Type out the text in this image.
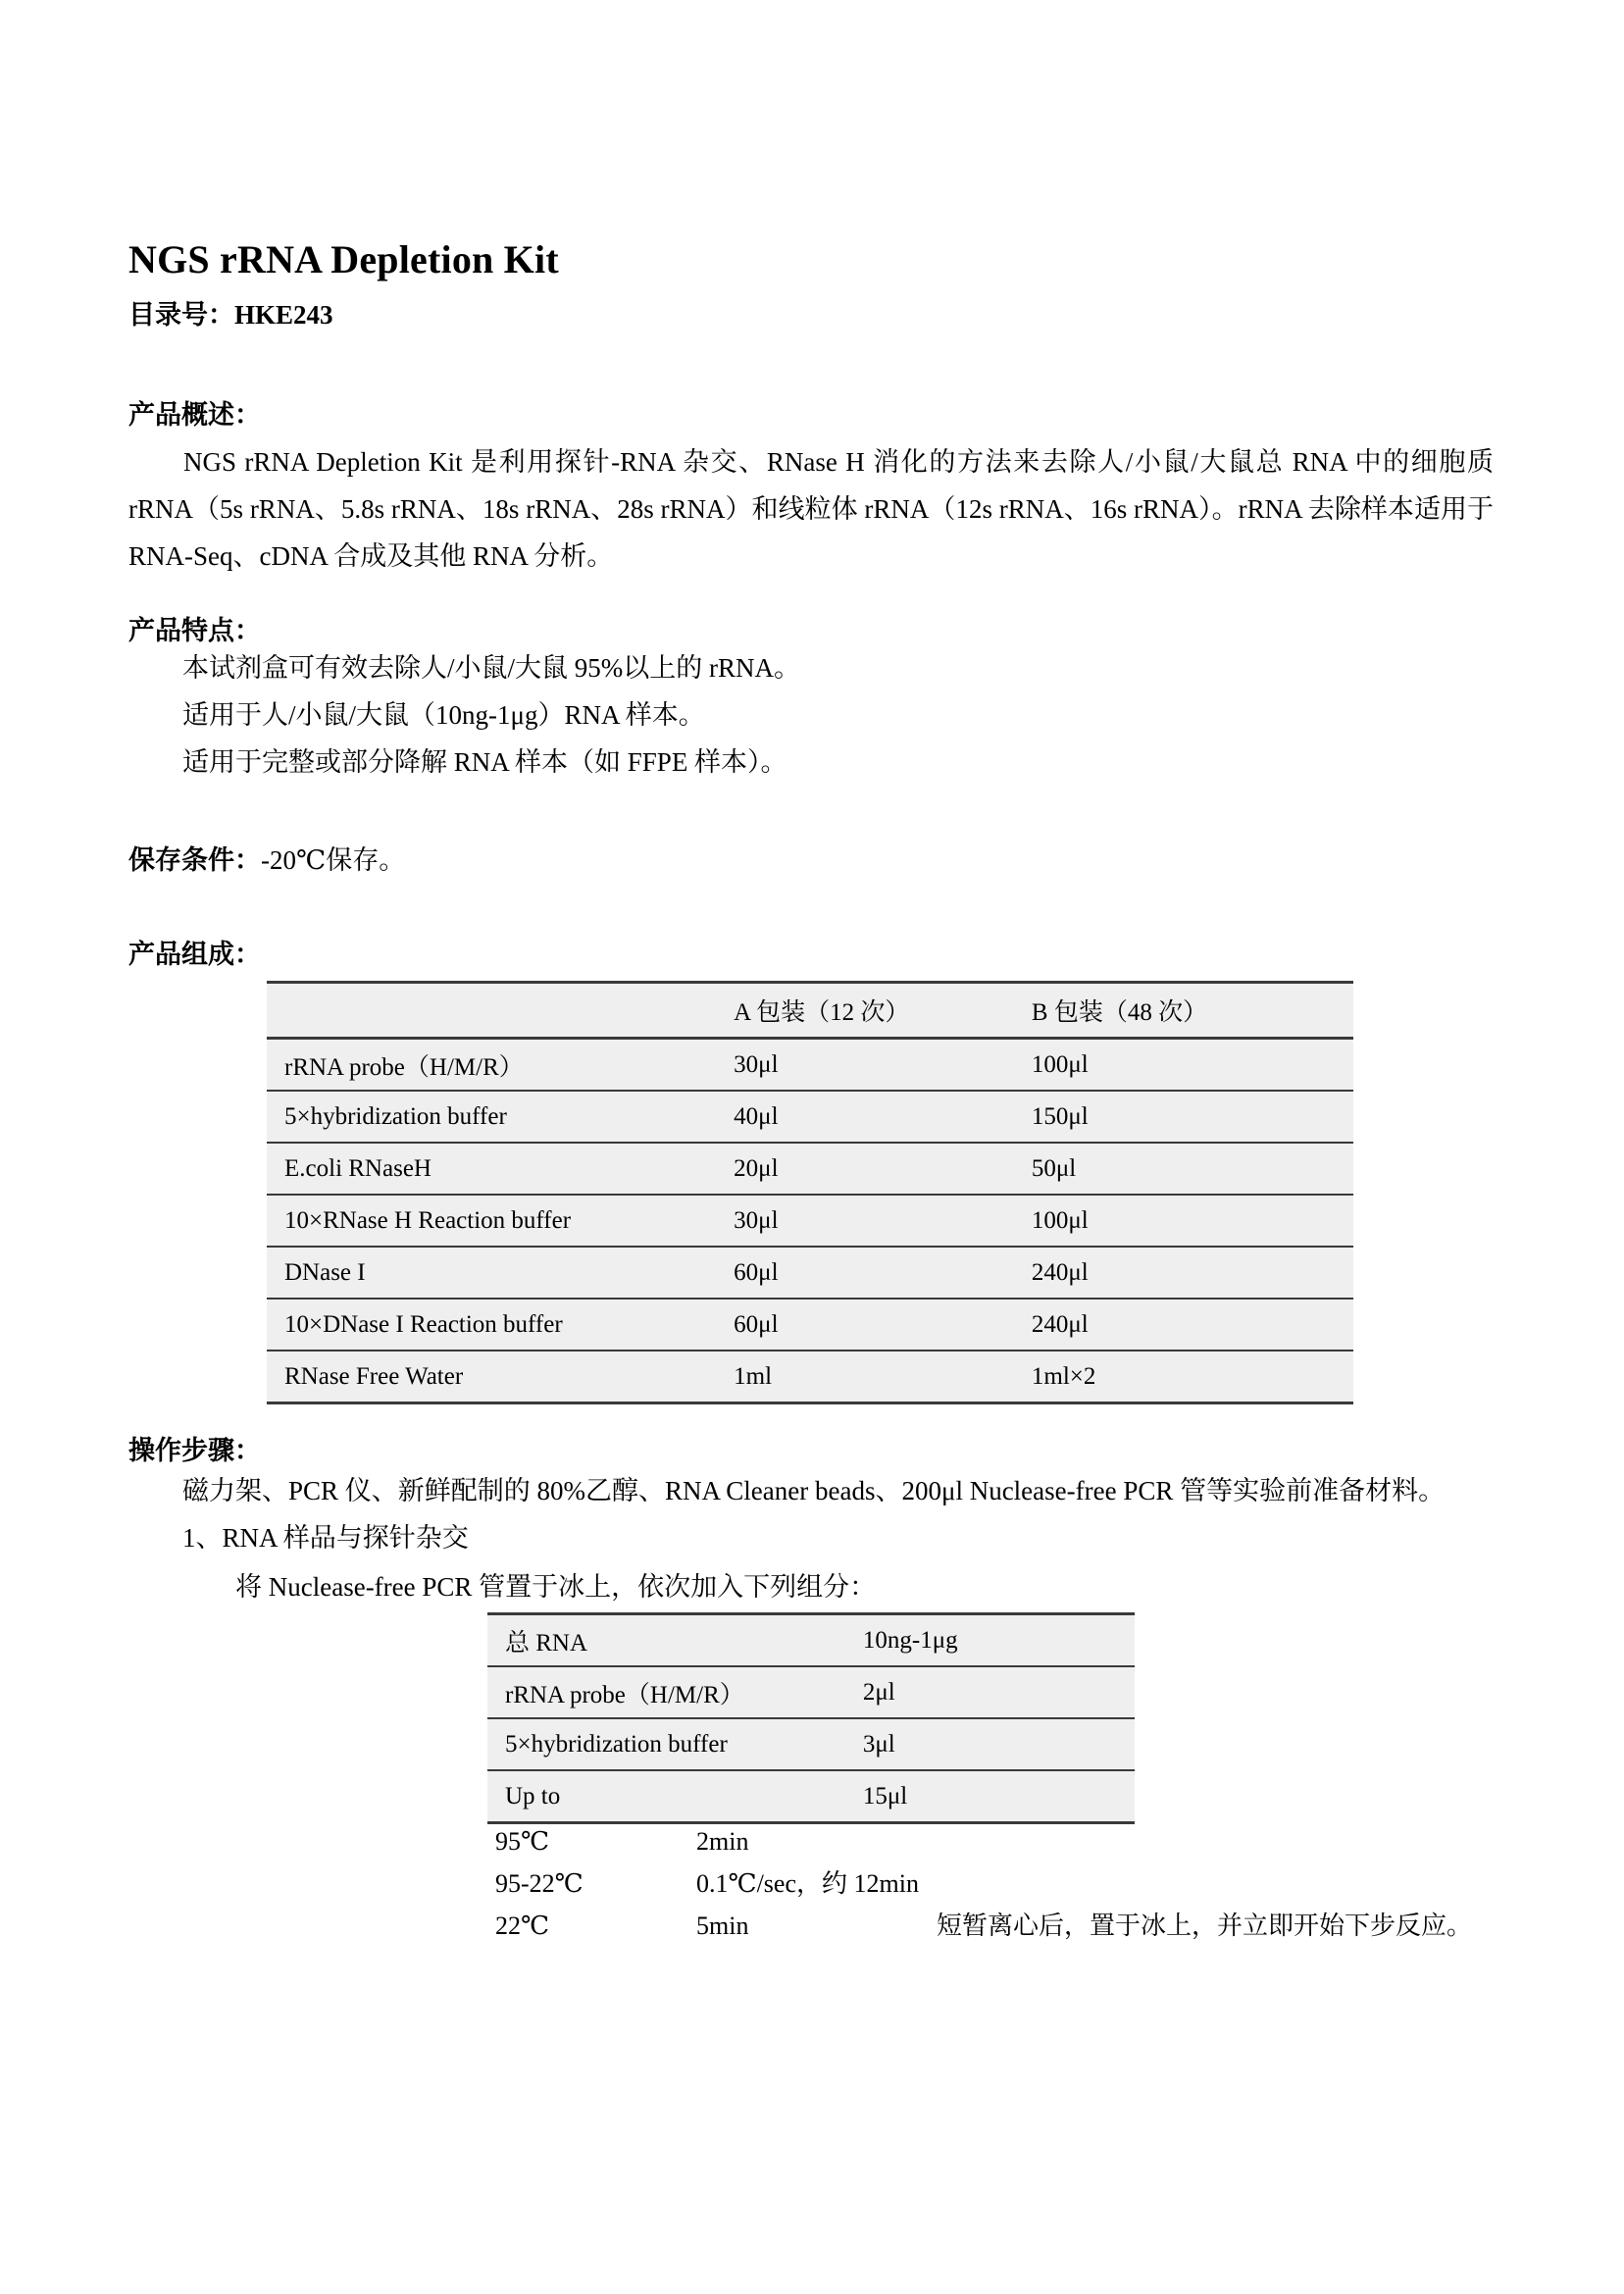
NGS rRNA Depletion Kit
目录号：HKE243
产品概述：
NGS rRNA Depletion Kit 是利用探针-RNA 杂交、RNase H 消化的方法来去除人/小鼠/大鼠总 RNA 中的细胞质 rRNA（5s rRNA、5.8s rRNA、18s rRNA、28s rRNA）和线粒体 rRNA（12s rRNA、16s rRNA）。rRNA 去除样本适用于 RNA-Seq、cDNA 合成及其他 RNA 分析。
产品特点：
本试剂盒可有效去除人/小鼠/大鼠 95%以上的 rRNA。
适用于人/小鼠/大鼠（10ng-1μg）RNA 样本。
适用于完整或部分降解 RNA 样本（如 FFPE 样本）。
保存条件：-20℃保存。
产品组成：
	A 包装（12 次）	B 包装（48 次）
rRNA probe（H/M/R）	30μl	100μl
5×hybridization buffer	40μl	150μl
E.coli RNaseH	20μl	50μl
10×RNase H Reaction buffer	30μl	100μl
DNase I	60μl	240μl
10×DNase I Reaction buffer	60μl	240μl
RNase Free Water	1ml	1ml×2
操作步骤：
磁力架、PCR 仪、新鲜配制的 80%乙醇、RNA Cleaner beads、200μl Nuclease-free PCR 管等实验前准备材料。
1、RNA 样品与探针杂交
将 Nuclease-free PCR 管置于冰上，依次加入下列组分：
总 RNA	10ng-1μg
rRNA probe（H/M/R）	2μl
5×hybridization buffer	3μl
Up to	15μl
95℃	2min
95-22℃	0.1℃/sec，约 12min
22℃	5min	短暂离心后，置于冰上，并立即开始下步反应。
